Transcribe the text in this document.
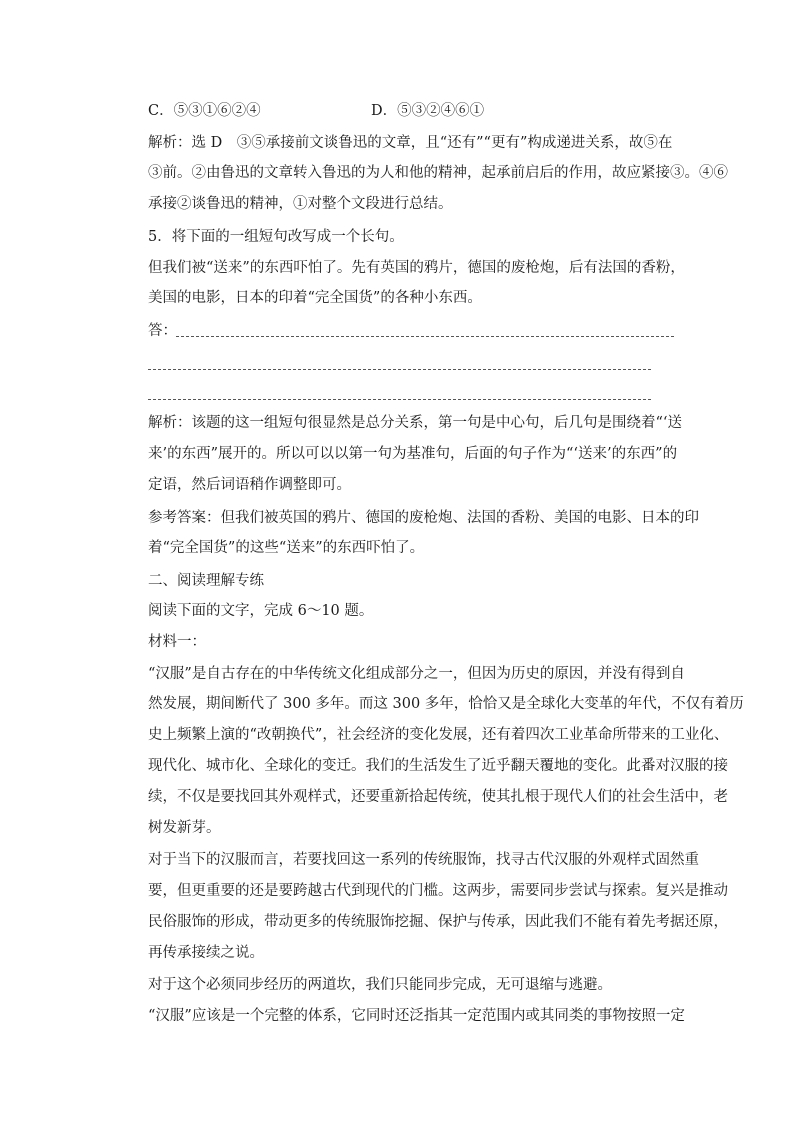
C．⑤③①⑥②④	D．⑤③②④⑥①
解析：选 D　③⑤承接前文谈鲁迅的文章，且“还有”“更有”构成递进关系，故⑤在
③前。②由鲁迅的文章转入鲁迅的为人和他的精神，起承前启后的作用，故应紧接③。④⑥
承接②谈鲁迅的精神，①对整个文段进行总结。
5．将下面的一组短句改写成一个长句。
但我们被“送来”的东西吓怕了。先有英国的鸦片，德国的废枪炮，后有法国的香粉，
美国的电影，日本的印着“完全国货”的各种小东西。
答：
解析：该题的这一组短句很显然是总分关系，第一句是中心句，后几句是围绕着“‘送
来’的东西”展开的。所以可以以第一句为基准句，后面的句子作为“‘送来’的东西”的
定语，然后词语稍作调整即可。
参考答案：但我们被英国的鸦片、德国的废枪炮、法国的香粉、美国的电影、日本的印
着“完全国货”的这些“送来”的东西吓怕了。
二、阅读理解专练
阅读下面的文字，完成 6～10 题。
材料一：
“汉服”是自古存在的中华传统文化组成部分之一，但因为历史的原因，并没有得到自
然发展，期间断代了 300 多年。而这 300 多年，恰恰又是全球化大变革的年代，不仅有着历
史上频繁上演的“改朝换代”，社会经济的变化发展，还有着四次工业革命所带来的工业化、
现代化、城市化、全球化的变迁。我们的生活发生了近乎翻天覆地的变化。此番对汉服的接
续，不仅是要找回其外观样式，还要重新拾起传统，使其扎根于现代人们的社会生活中，老
树发新芽。
对于当下的汉服而言，若要找回这一系列的传统服饰，找寻古代汉服的外观样式固然重
要，但更重要的还是要跨越古代到现代的门槛。这两步，需要同步尝试与探索。复兴是推动
民俗服饰的形成，带动更多的传统服饰挖掘、保护与传承，因此我们不能有着先考据还原，
再传承接续之说。
对于这个必须同步经历的两道坎，我们只能同步完成，无可退缩与逃避。
“汉服”应该是一个完整的体系，它同时还泛指其一定范围内或其同类的事物按照一定
